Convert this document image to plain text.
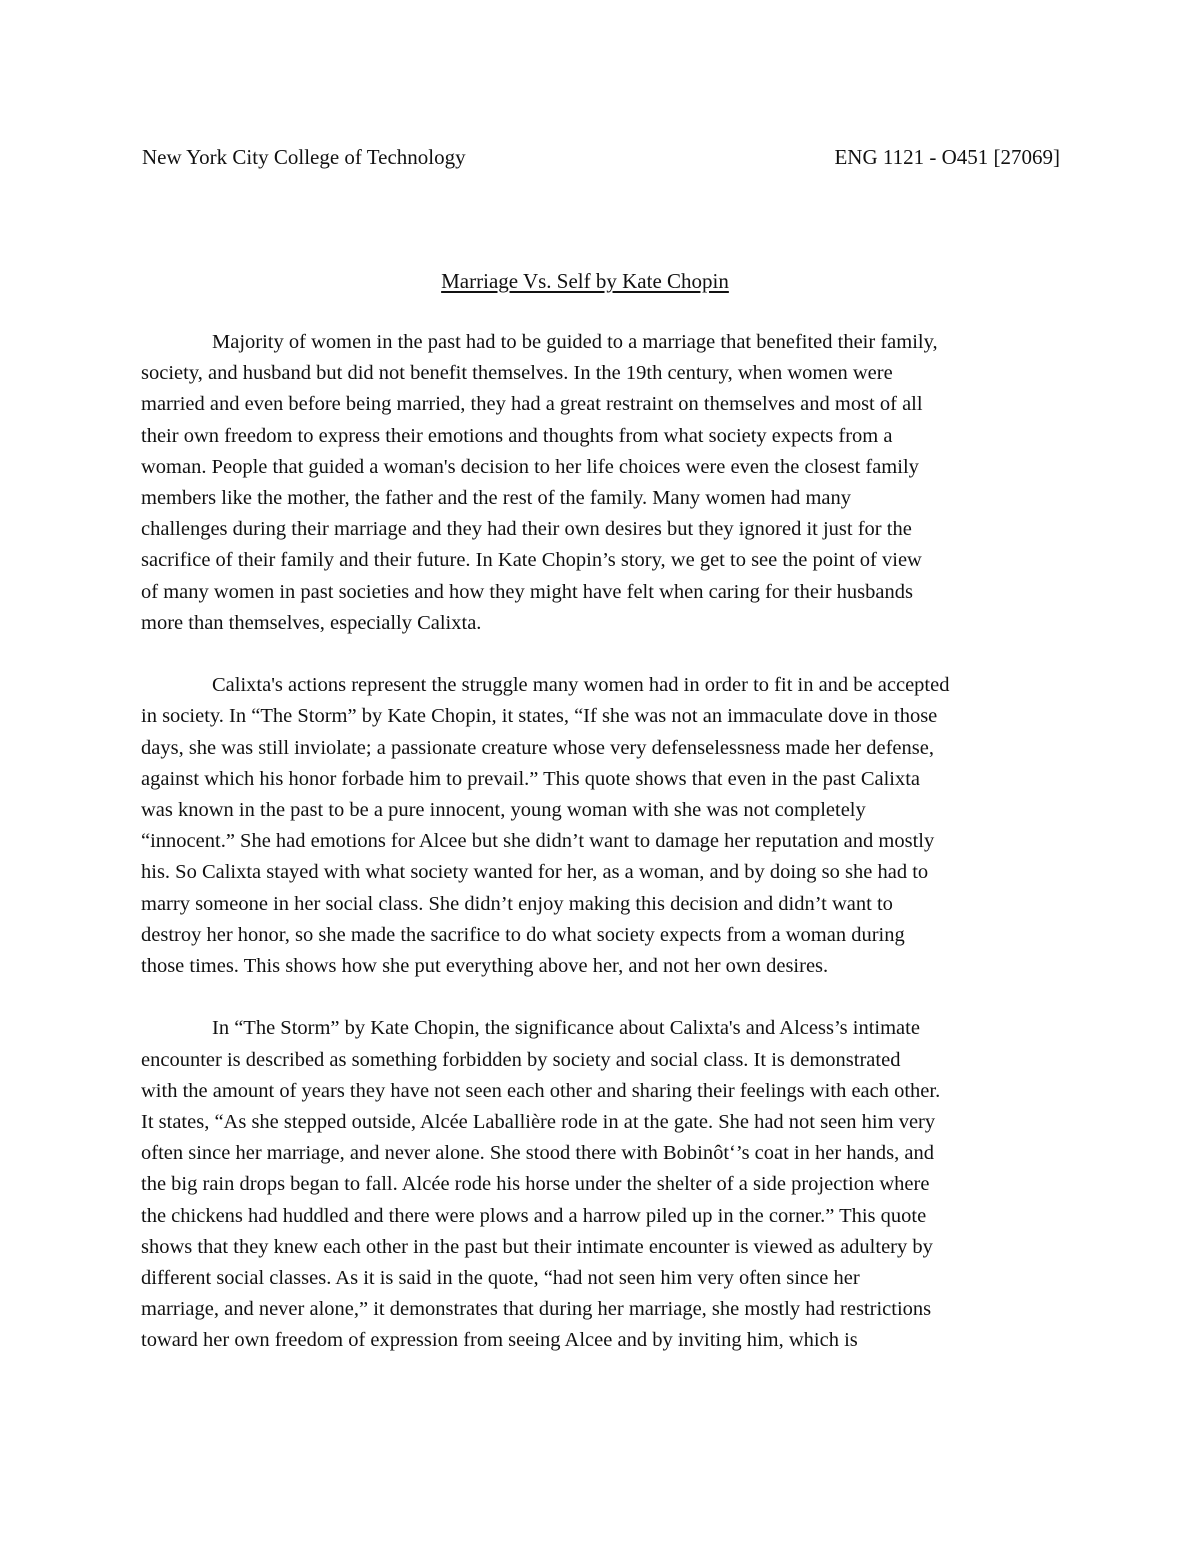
New York City College of Technology	ENG 1121 - O451 [27069]
Marriage Vs. Self by Kate Chopin
Majority of women in the past had to be guided to a marriage that benefited their family,
society, and husband but did not benefit themselves. In the 19th century, when women were
married and even before being married, they had a great restraint on themselves and most of all
their own freedom to express their emotions and thoughts from what society expects from a
woman. People that guided a woman's decision to her life choices were even the closest family
members like the mother, the father and the rest of the family. Many women had many
challenges during their marriage and they had their own desires but they ignored it just for the
sacrifice of their family and their future. In Kate Chopin’s story, we get to see the point of view
of many women in past societies and how they might have felt when caring for their husbands
more than themselves, especially Calixta.
Calixta's actions represent the struggle many women had in order to fit in and be accepted
in society. In “The Storm” by Kate Chopin, it states, “If she was not an immaculate dove in those
days, she was still inviolate; a passionate creature whose very defenselessness made her defense,
against which his honor forbade him to prevail.” This quote shows that even in the past Calixta
was known in the past to be a pure innocent, young woman with she was not completely
“innocent.” She had emotions for Alcee but she didn’t want to damage her reputation and mostly
his. So Calixta stayed with what society wanted for her, as a woman, and by doing so she had to
marry someone in her social class. She didn’t enjoy making this decision and didn’t want to
destroy her honor, so she made the sacrifice to do what society expects from a woman during
those times. This shows how she put everything above her, and not her own desires.
In “The Storm” by Kate Chopin, the significance about Calixta's and Alcess’s intimate
encounter is described as something forbidden by society and social class. It is demonstrated
with the amount of years they have not seen each other and sharing their feelings with each other.
It states, “As she stepped outside, Alcée Laballière rode in at the gate. She had not seen him very
often since her marriage, and never alone. She stood there with Bobinôt‘’s coat in her hands, and
the big rain drops began to fall. Alcée rode his horse under the shelter of a side projection where
the chickens had huddled and there were plows and a harrow piled up in the corner.” This quote
shows that they knew each other in the past but their intimate encounter is viewed as adultery by
different social classes. As it is said in the quote, “had not seen him very often since her
marriage, and never alone,” it demonstrates that during her marriage, she mostly had restrictions
toward her own freedom of expression from seeing Alcee and by inviting him, which is
